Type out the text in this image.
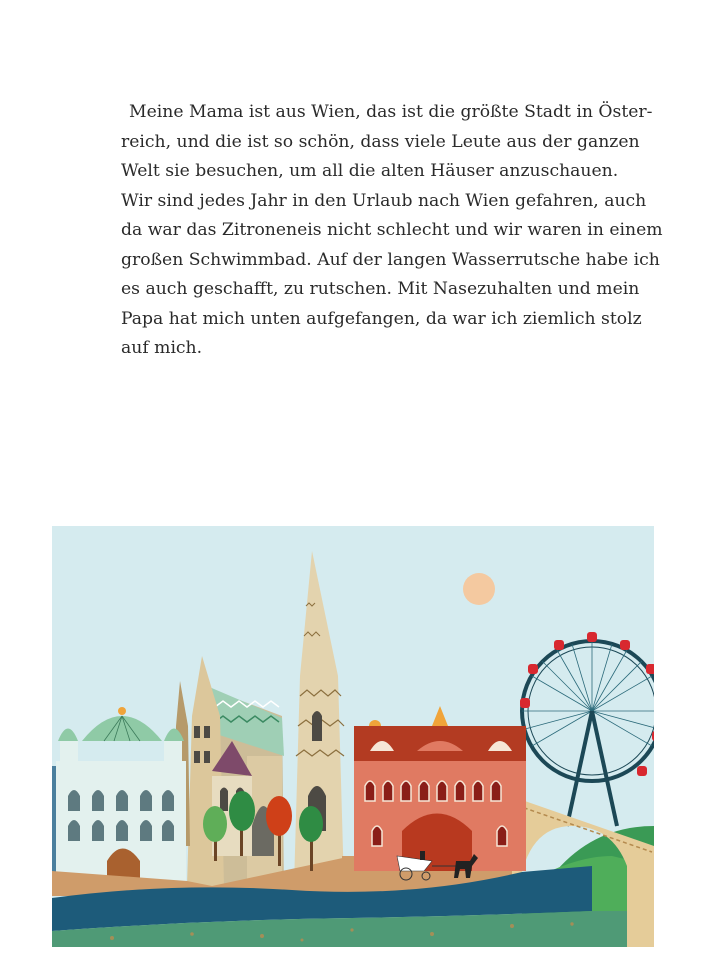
Meine Mama ist aus Wien, das ist die größte Stadt in Öster-
reich, und die ist so schön, dass viele Leute aus der ganzen
Welt sie besuchen, um all die alten Häuser anzuschauen.
Wir sind jedes Jahr in den Urlaub nach Wien gefahren, auch
da war das Zitroneneis nicht schlecht und wir waren in einem
großen Schwimmbad. Auf der langen Wasserrutsche habe ich
es auch geschafft, zu rutschen. Mit Nasezuhalten und mein
Papa hat mich unten aufgefangen, da war ich ziemlich stolz
auf mich.
